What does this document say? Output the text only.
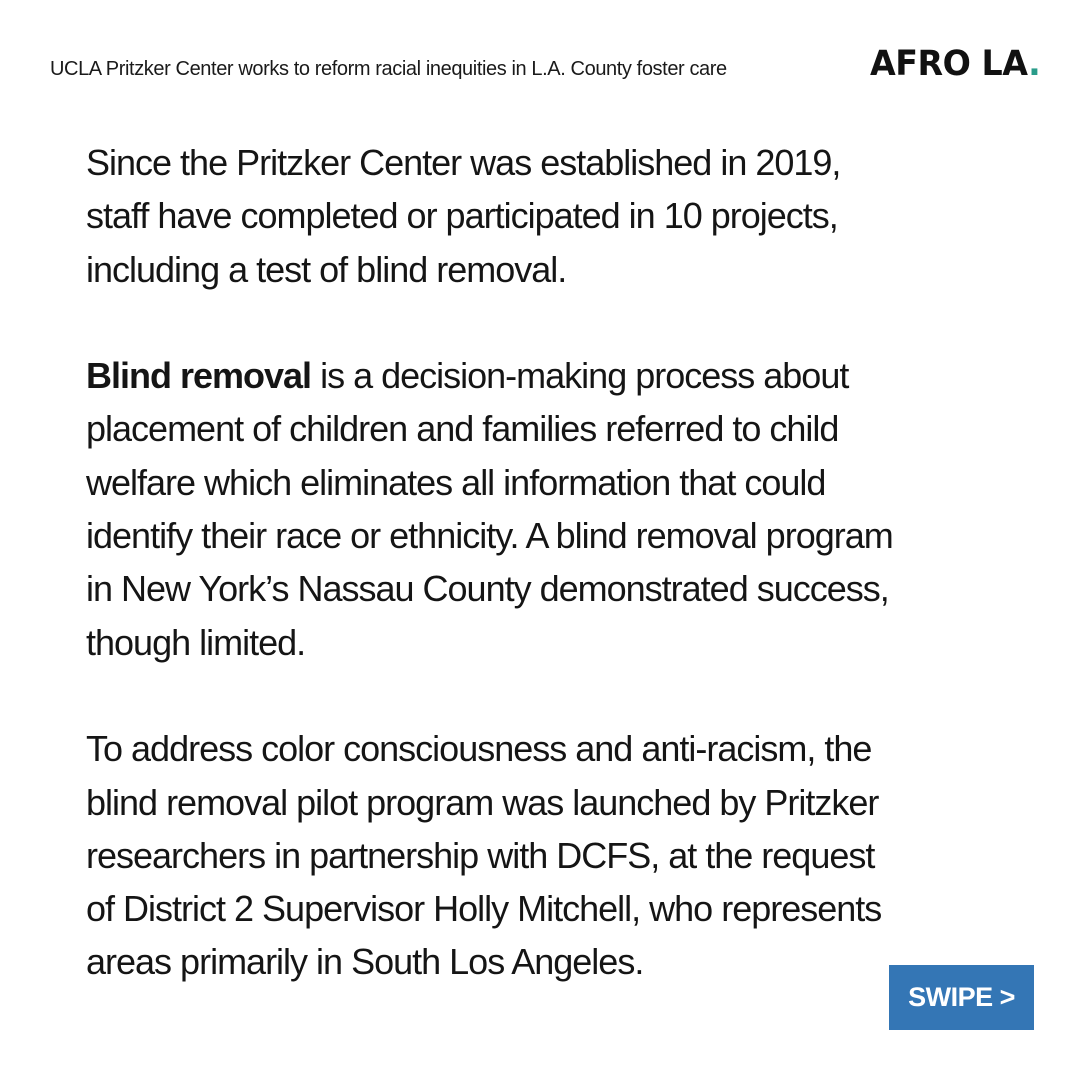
UCLA Pritzker Center works to reform racial inequities in L.A. County foster care	AFRO LA.

Since the Pritzker Center was established in 2019,
staff have completed or participated in 10 projects,
including a test of blind removal.

Blind removal is a decision-making process about
placement of children and families referred to child
welfare which eliminates all information that could
identify their race or ethnicity. A blind removal program
in New York’s Nassau County demonstrated success,
though limited.

To address color consciousness and anti-racism, the
blind removal pilot program was launched by Pritzker
researchers in partnership with DCFS, at the request
of District 2 Supervisor Holly Mitchell, who represents
areas primarily in South Los Angeles.

SWIPE >
